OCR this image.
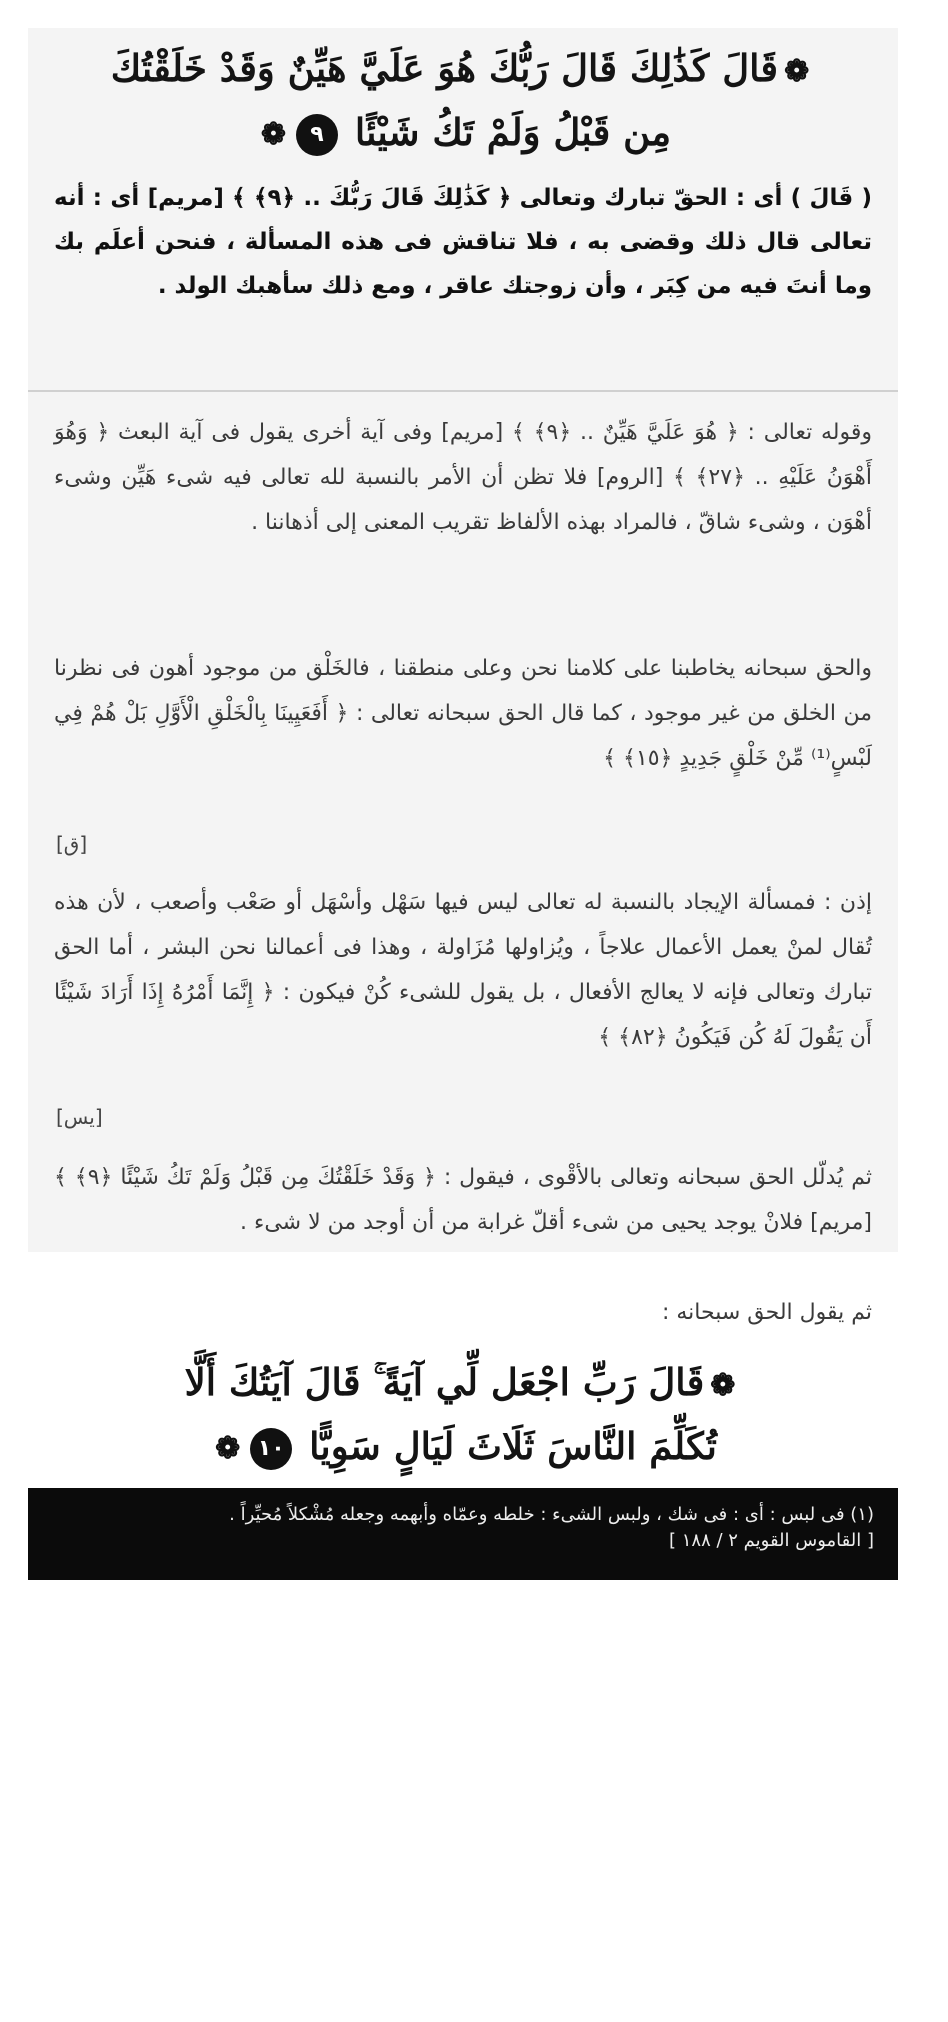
❁قَالَ كَذَٰلِكَ قَالَ رَبُّكَ هُوَ عَلَيَّ هَيِّنٌ وَقَدْ خَلَقْتُكَ
مِن قَبْلُ وَلَمْ تَكُ شَيْئًا ٩❁

( قَالَ ) أى : الحقّ تبارك وتعالى ﴿ كَذَٰلِكَ قَالَ رَبُّكَ .. ﴿٩﴾ ﴾ [مريم] أى : أنه تعالى قال ذلك وقضى به ، فلا تناقش فى هذه المسألة ، فنحن أعلَم بك وما أنتَ فيه من كِبَر ، وأن زوجتك عاقر ، ومع ذلك سأهبك الولد .

وقوله تعالى : ﴿ هُوَ عَلَيَّ هَيِّنٌ .. ﴿٩﴾ ﴾ [مريم] وفى آية أخرى يقول فى آية البعث ﴿ وَهُوَ أَهْوَنُ عَلَيْهِ .. ﴿٢٧﴾ ﴾ [الروم] فلا تظن أن الأمر بالنسبة لله تعالى فيه شىء هَيِّن وشىء أهْوَن ، وشىء شاقّ ، فالمراد بهذه الألفاظ تقريب المعنى إلى أذهاننا .

والحق سبحانه يخاطبنا على كلامنا نحن وعلى منطقنا ، فالخَلْق من موجود أهون فى نظرنا من الخلق من غير موجود ، كما قال الحق سبحانه تعالى : ﴿ أَفَعَيِينَا بِالْخَلْقِ الْأَوَّلِ بَلْ هُمْ فِي لَبْسٍ⁽¹⁾ مِّنْ خَلْقٍ جَدِيدٍ ﴿١٥﴾ ﴾

[ق]

إذن : فمسألة الإيجاد بالنسبة له تعالى ليس فيها سَهْل وأسْهَل أو صَعْب وأصعب ، لأن هذه تُقال لمنْ يعمل الأعمال علاجاً ، ويُزاولها مُزَاولة ، وهذا فى أعمالنا نحن البشر ، أما الحق تبارك وتعالى فإنه لا يعالج الأفعال ، بل يقول للشىء كُنْ فيكون : ﴿ إِنَّمَا أَمْرُهُ إِذَا أَرَادَ شَيْئًا أَن يَقُولَ لَهُ كُن فَيَكُونُ ﴿٨٢﴾ ﴾

[يس]

ثم يُدلّل الحق سبحانه وتعالى بالأقْوى ، فيقول : ﴿ وَقَدْ خَلَقْتُكَ مِن قَبْلُ وَلَمْ تَكُ شَيْئًا ﴿٩﴾ ﴾ [مريم] فلانْ يوجد يحيى من شىء أقلّ غرابة من أن أوجد من لا شىء .

ثم يقول الحق سبحانه :

❁قَالَ رَبِّ اجْعَل لِّي آيَةً ۚ قَالَ آيَتُكَ أَلَّا
تُكَلِّمَ النَّاسَ ثَلَاثَ لَيَالٍ سَوِيًّا ١٠❁
(١) فى لبس : أى : فى شك ، ولبس الشىء : خلطه وعمّاه وأبهمه وجعله مُشْكلاً مُحيِّراً .
[ القاموس القويم ٢ / ١٨٨ ]
